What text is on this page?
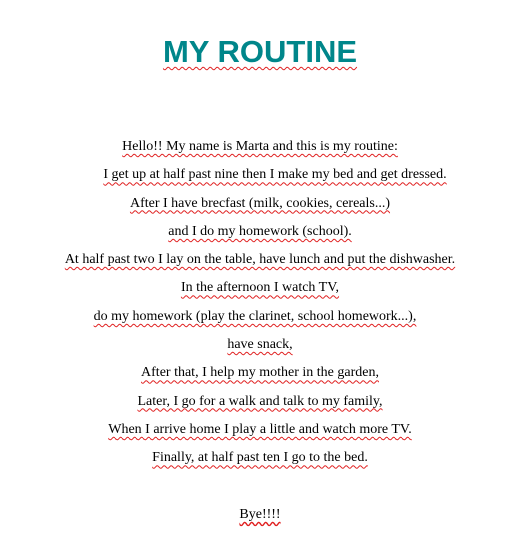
MY ROUTINE
Hello!! My name is Marta and this is my routine:
I get up at half past nine then I make my bed and get dressed.
After I have brecfast (milk, cookies, cereals...)
and I do my homework (school).
At half past two I lay on the table, have lunch and put the dishwasher.
In the afternoon I watch TV,
do my homework (play the clarinet, school homework...),
have snack,
After that, I help my mother in the garden,
Later, I go for a walk and talk to my family,
When I arrive home I play a little and watch more TV.
Finally, at half past ten I go to the bed.
Bye!!!!
